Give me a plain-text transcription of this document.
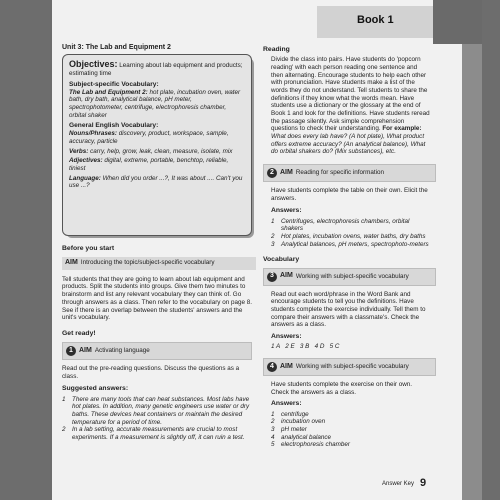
Book 1
Unit 3: The Lab and Equipment 2
Objectives: Learning about lab equipment and products; estimating time
Subject-specific Vocabulary:
The Lab and Equipment 2: hot plate, incubation oven, water bath, dry bath, analytical balance, pH meter, spectrophotometer, centrifuge, electrophoresis chamber, orbital shaker
General English Vocabulary:
Nouns/Phrases: discovery, product, workspace, sample, accuracy, particle
Verbs: carry, help, grow, leak, clean, measure, isolate, mix
Adjectives: digital, extreme, portable, benchtop, reliable, tiniest
Language: When did you order ...?, It was about .... Can't you use ...?
Before you start
AIM Introducing the topic/subject-specific vocabulary

Tell students that they are going to learn about lab equipment and products. Split the students into groups. Give them two minutes to brainstorm and list any relevant vocabulary they can think of. Go through answers as a class. Then refer to the vocabulary on page 8. See if there is an overlap between the students' answers and the unit's vocabulary.

Get ready!
1 AIM Activating language

Read out the pre-reading questions. Discuss the questions as a class.

Suggested answers:
1	There are many tools that can heat substances. Most labs have hot plates. In addition, many genetic engineers use water or dry baths. These devices heat containers or maintain the desired temperature for a period of time.
2	In a lab setting, accurate measurements are crucial to most experiments. If a measurement is slightly off, it can ruin a test.
Reading

Divide the class into pairs. Have students do 'popcorn reading' with each person reading one sentence and then alternating. Encourage students to help each other with pronunciation. Have students make a list of the words they do not understand. Tell students to share the definitions if they know what the words mean. Have students use a dictionary or the glossary at the end of Book 1 and look for the definitions. Have students reread the passage silently. Ask simple comprehension questions to check their understanding. For example: What does every lab have? (A hot plate), What product offers extreme accuracy? (An analytical balance), What do orbital shakers do? (Mix substances), etc.

2 AIM Reading for specific information

Have students complete the table on their own. Elicit the answers.

Answers:
1	Centrifuges, electrophoresis chambers, orbital shakers
2	Hot plates, incubation ovens, water baths, dry baths
3	Analytical balances, pH meters, spectrophoto-meters
Vocabulary
3 AIM Working with subject-specific vocabulary

Read out each word/phrase in the Word Bank and encourage students to tell you the definitions. Have students complete the exercise individually. Tell them to compare their answers with a classmate's. Check the answers as a class.

Answers:
1 A   2 E   3 B   4 D   5 C
4 AIM Working with subject-specific vocabulary

Have students complete the exercise on their own. Check the answers as a class.

Answers:
1	centrifuge
2	incubation oven
3	pH meter
4	analytical balance
5	electrophoresis chamber
Answer Key 9
